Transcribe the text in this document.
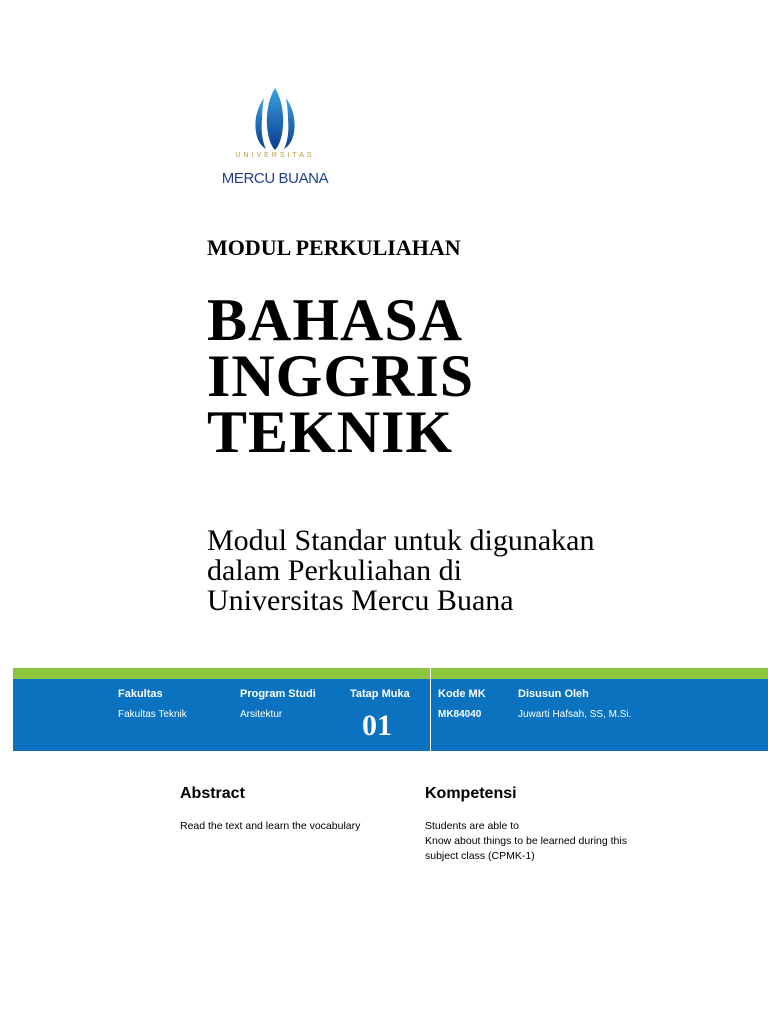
UNIVERSITAS
MERCU BUANA
MODUL PERKULIAHAN
BAHASA
INGGRIS
TEKNIK
Modul Standar untuk digunakan
dalam Perkuliahan di
Universitas Mercu Buana
Fakultas
Fakultas Teknik
Program Studi
Arsitektur
Tatap Muka
01
Kode MK
MK84040
Disusun Oleh
Juwarti Hafsah, SS, M.Si.
Abstract
Read the text and learn the vocabulary
Kompetensi
Students are able to
Know about things to be learned during this
subject class (CPMK-1)
